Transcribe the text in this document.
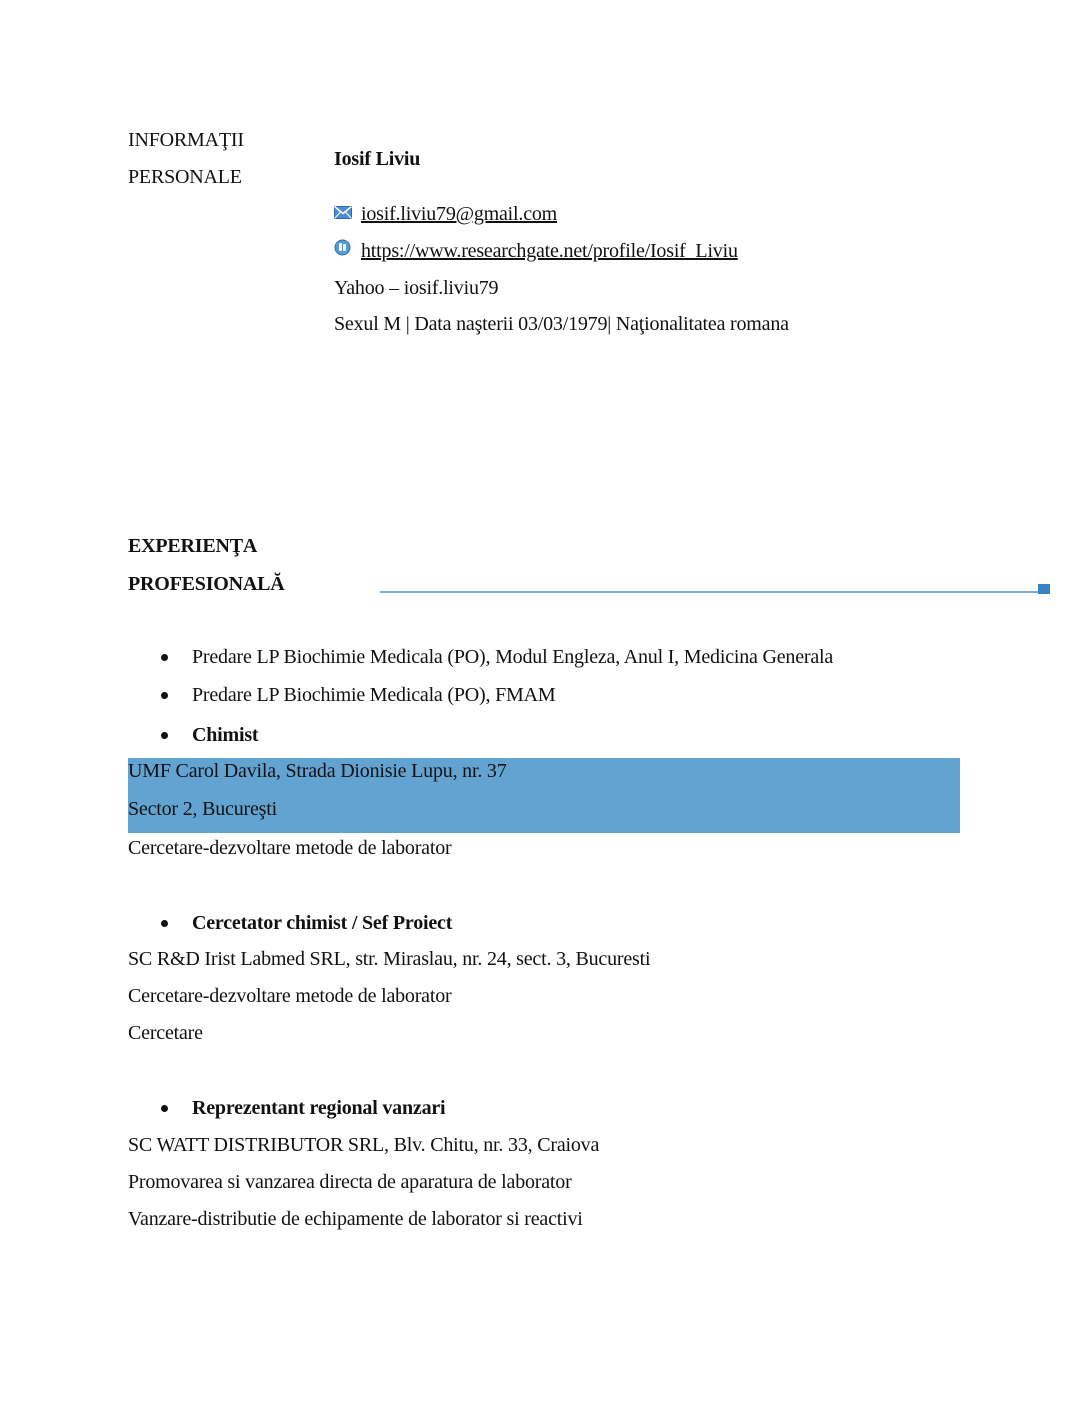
INFORMAŢII
PERSONALE
Iosif Liviu
iosif.liviu79@gmail.com
https://www.researchgate.net/profile/Iosif_Liviu
Yahoo – iosif.liviu79
Sexul M | Data naşterii 03/03/1979| Naţionalitatea romana
EXPERIENŢA
PROFESIONALĂ
Predare LP Biochimie Medicala (PO), Modul Engleza, Anul I, Medicina Generala
Predare LP Biochimie Medicala (PO), FMAM
Chimist
UMF Carol Davila, Strada Dionisie Lupu, nr. 37
Sector 2, Bucureşti
Cercetare-dezvoltare metode de laborator
Cercetator chimist / Sef Proiect
SC R&D Irist Labmed SRL, str. Miraslau, nr. 24, sect. 3, Bucuresti
Cercetare-dezvoltare metode de laborator
Cercetare
Reprezentant regional vanzari
SC WATT DISTRIBUTOR SRL, Blv. Chitu, nr. 33, Craiova
Promovarea si vanzarea directa de aparatura de laborator
Vanzare-distributie de echipamente de laborator si reactivi
